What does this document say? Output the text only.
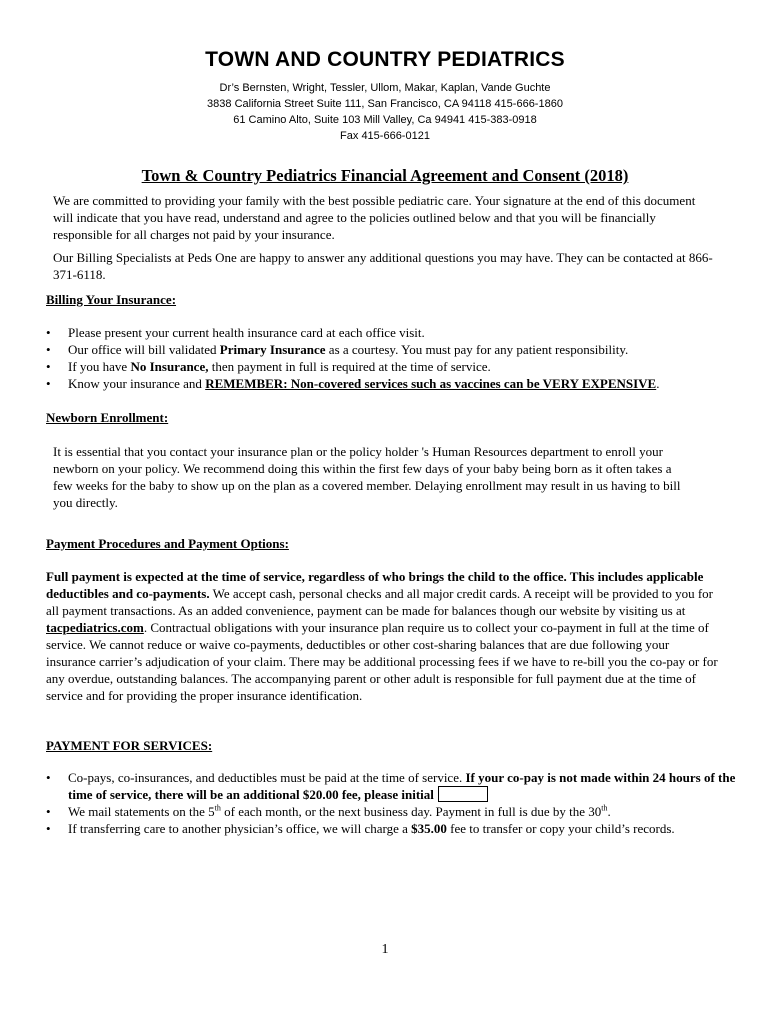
TOWN AND COUNTRY PEDIATRICS
Dr’s Bernsten, Wright, Tessler, Ullom, Makar, Kaplan, Vande Guchte
3838 California Street Suite 111, San Francisco, CA 94118 415-666-1860
61 Camino Alto, Suite 103 Mill Valley, Ca 94941 415-383-0918
Fax 415-666-0121
Town & Country Pediatrics Financial Agreement and Consent (2018)
We are committed to providing your family with the best possible pediatric care. Your signature at the end of this document will indicate that you have read, understand and agree to the policies outlined below and that you will be financially responsible for all charges not paid by your insurance.
Our Billing Specialists at Peds One are happy to answer any additional questions you may have. They can be contacted at 866-371-6118.
Billing Your Insurance:
• Please present your current health insurance card at each office visit.
• Our office will bill validated Primary Insurance as a courtesy. You must pay for any patient responsibility.
• If you have No Insurance, then payment in full is required at the time of service.
• Know your insurance and REMEMBER: Non-covered services such as vaccines can be VERY EXPENSIVE.
Newborn Enrollment:
It is essential that you contact your insurance plan or the policy holder 's Human Resources department to enroll your newborn on your policy. We recommend doing this within the first few days of your baby being born as it often takes a few weeks for the baby to show up on the plan as a covered member. Delaying enrollment may result in us having to bill you directly.
Payment Procedures and Payment Options:
Full payment is expected at the time of service, regardless of who brings the child to the office. This includes applicable deductibles and co-payments. We accept cash, personal checks and all major credit cards. A receipt will be provided to you for all payment transactions. As an added convenience, payment can be made for balances though our website by visiting us at tacpediatrics.com. Contractual obligations with your insurance plan require us to collect your co-payment in full at the time of service. We cannot reduce or waive co-payments, deductibles or other cost-sharing balances that are due following your insurance carrier’s adjudication of your claim. There may be additional processing fees if we have to re-bill you the co-pay or for any overdue, outstanding balances. The accompanying parent or other adult is responsible for full payment due at the time of service and for providing the proper insurance identification.
PAYMENT FOR SERVICES:
• Co-pays, co-insurances, and deductibles must be paid at the time of service. If your co-pay is not made within 24 hours of the time of service, there will be an additional $20.00 fee, please initial
• We mail statements on the 5th of each month, or the next business day. Payment in full is due by the 30th.
• If transferring care to another physician’s office, we will charge a $35.00 fee to transfer or copy your child’s records.
1
